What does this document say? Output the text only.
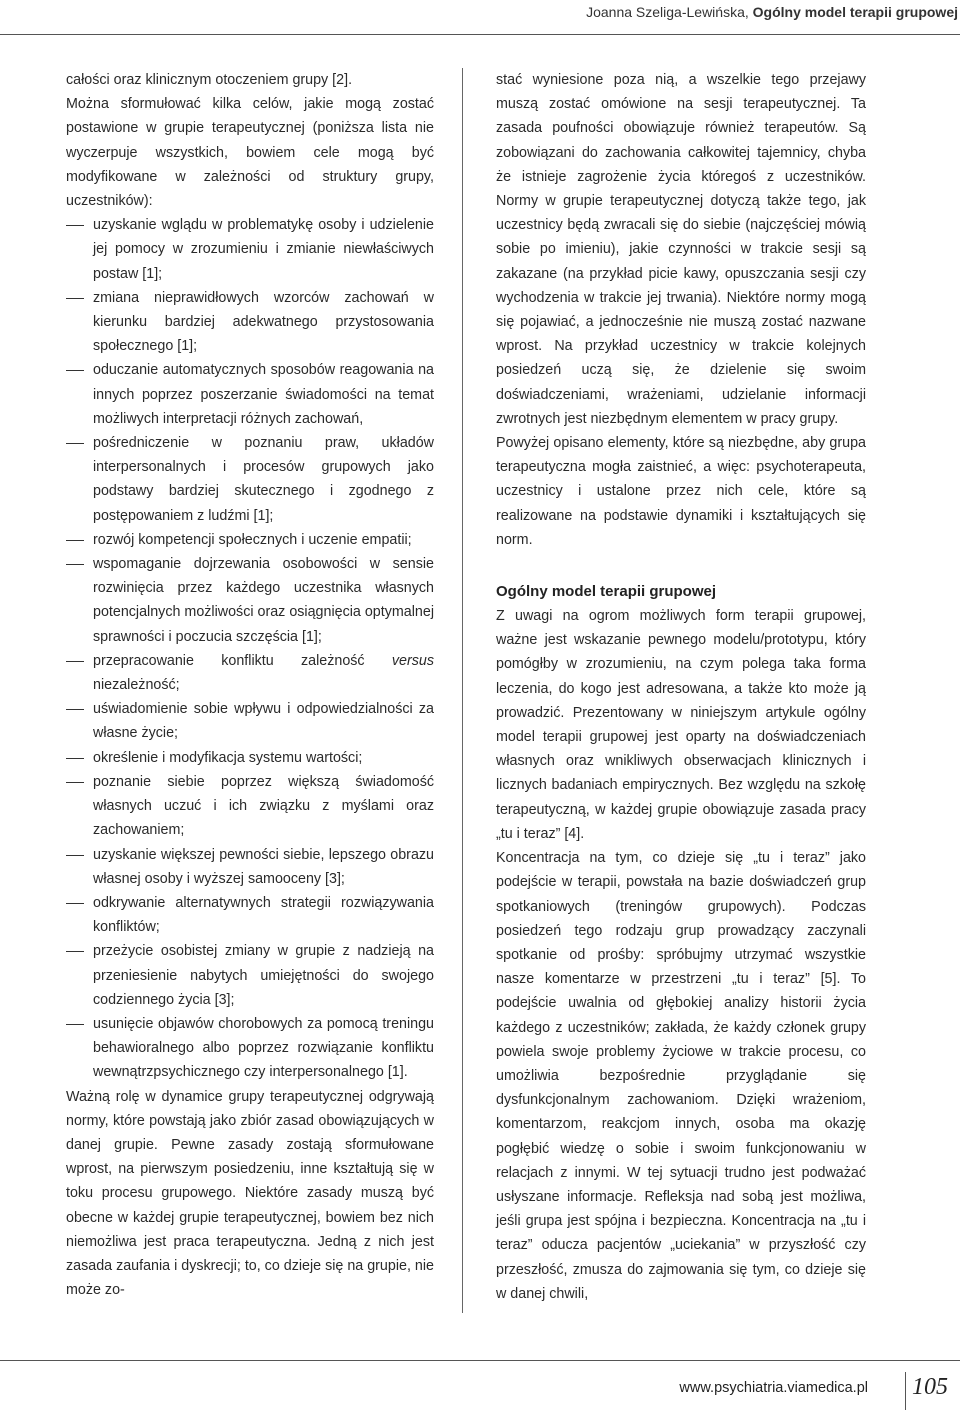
Joanna Szeliga-Lewińska, Ogólny model terapii grupowej

całości oraz klinicznym otoczeniem grupy [2].

Można sformułować kilka celów, jakie mogą zostać postawione w grupie terapeutycznej (poniższa lista nie wyczerpuje wszystkich, bowiem cele mogą być modyfikowane w zależności od struktury grupy, uczestników):

uzyskanie wglądu w problematykę osoby i udzielenie jej pomocy w zrozumieniu i zmianie niewłaściwych postaw [1];
zmiana nieprawidłowych wzorców zachowań w kierunku bardziej adekwatnego przystosowania społecznego [1];
oduczanie automatycznych sposobów reagowania na innych poprzez poszerzanie świadomości na temat możliwych interpretacji różnych zachowań,
pośredniczenie w poznaniu praw, układów interpersonalnych i procesów grupowych jako podstawy bardziej skutecznego i zgodnego z postępowaniem z ludźmi [1];
rozwój kompetencji społecznych i uczenie empatii;
wspomaganie dojrzewania osobowości w sensie rozwinięcia przez każdego uczestnika własnych potencjalnych możliwości oraz osiągnięcia optymalnej sprawności i poczucia szczęścia [1];
przepracowanie konfliktu zależność versus niezależność;
uświadomienie sobie wpływu i odpowiedzialności za własne życie;
określenie i modyfikacja systemu wartości;
poznanie siebie poprzez większą świadomość własnych uczuć i ich związku z myślami oraz zachowaniem;
uzyskanie większej pewności siebie, lepszego obrazu własnej osoby i wyższej samooceny [3];
odkrywanie alternatywnych strategii rozwiązywania konfliktów;
przeżycie osobistej zmiany w grupie z nadzieją na przeniesienie nabytych umiejętności do swojego codziennego życia [3];
usunięcie objawów chorobowych za pomocą treningu behawioralnego albo poprzez rozwiązanie konfliktu wewnątrzpsychicznego czy interpersonalnego [1].

Ważną rolę w dynamice grupy terapeutycznej odgrywają normy, które powstają jako zbiór zasad obowiązujących w danej grupie. Pewne zasady zostają sformułowane wprost, na pierwszym posiedzeniu, inne kształtują się w toku procesu grupowego. Niektóre zasady muszą być obecne w każdej grupie terapeutycznej, bowiem bez nich niemożliwa jest praca terapeutyczna. Jedną z nich jest zasada zaufania i dyskrecji; to, co dzieje się na grupie, nie może zo-

stać wyniesione poza nią, a wszelkie tego przejawy muszą zostać omówione na sesji terapeutycznej. Ta zasada poufności obowiązuje również terapeutów. Są zobowiązani do zachowania całkowitej tajemnicy, chyba że istnieje zagrożenie życia któregoś z uczestników. Normy w grupie terapeutycznej dotyczą także tego, jak uczestnicy będą zwracali się do siebie (najczęściej mówią sobie po imieniu), jakie czynności w trakcie sesji są zakazane (na przykład picie kawy, opuszczania sesji czy wychodzenia w trakcie jej trwania). Niektóre normy mogą się pojawiać, a jednocześnie nie muszą zostać nazwane wprost. Na przykład uczestnicy w trakcie kolejnych posiedzeń uczą się, że dzielenie się swoim doświadczeniami, wrażeniami, udzielanie informacji zwrotnych jest niezbędnym elementem w pracy grupy.

Powyżej opisano elementy, które są niezbędne, aby grupa terapeutyczna mogła zaistnieć, a więc: psychoterapeuta, uczestnicy i ustalone przez nich cele, które są realizowane na podstawie dynamiki i kształtujących się norm.

Ogólny model terapii grupowej

Z uwagi na ogrom możliwych form terapii grupowej, ważne jest wskazanie pewnego modelu/prototypu, który pomógłby w zrozumieniu, na czym polega taka forma leczenia, do kogo jest adresowana, a także kto może ją prowadzić. Prezentowany w niniejszym artykule ogólny model terapii grupowej jest oparty na doświadczeniach własnych oraz wnikliwych obserwacjach klinicznych i licznych badaniach empirycznych. Bez względu na szkołę terapeutyczną, w każdej grupie obowiązuje zasada pracy „tu i teraz” [4].

Koncentracja na tym, co dzieje się „tu i teraz” jako podejście w terapii, powstała na bazie doświadczeń grup spotkaniowych (treningów grupowych). Podczas posiedzeń tego rodzaju grup prowadzący zaczynali spotkanie od prośby: spróbujmy utrzymać wszystkie nasze komentarze w przestrzeni „tu i teraz” [5]. To podejście uwalnia od głębokiej analizy historii życia każdego z uczestników; zakłada, że każdy członek grupy powiela swoje problemy życiowe w trakcie procesu, co umożliwia bezpośrednie przyglądanie się dysfunkcjonalnym zachowaniom. Dzięki wrażeniom, komentarzom, reakcjom innych, osoba ma okazję pogłębić wiedzę o sobie i swoim funkcjonowaniu w relacjach z innymi. W tej sytuacji trudno jest podważać usłyszane informacje. Refleksja nad sobą jest możliwa, jeśli grupa jest spójna i bezpieczna. Koncentracja na „tu i teraz” oducza pacjentów „uciekania” w przyszłość czy przeszłość, zmusza do zajmowania się tym, co dzieje się w danej chwili,

www.psychiatria.viamedica.pl 105
